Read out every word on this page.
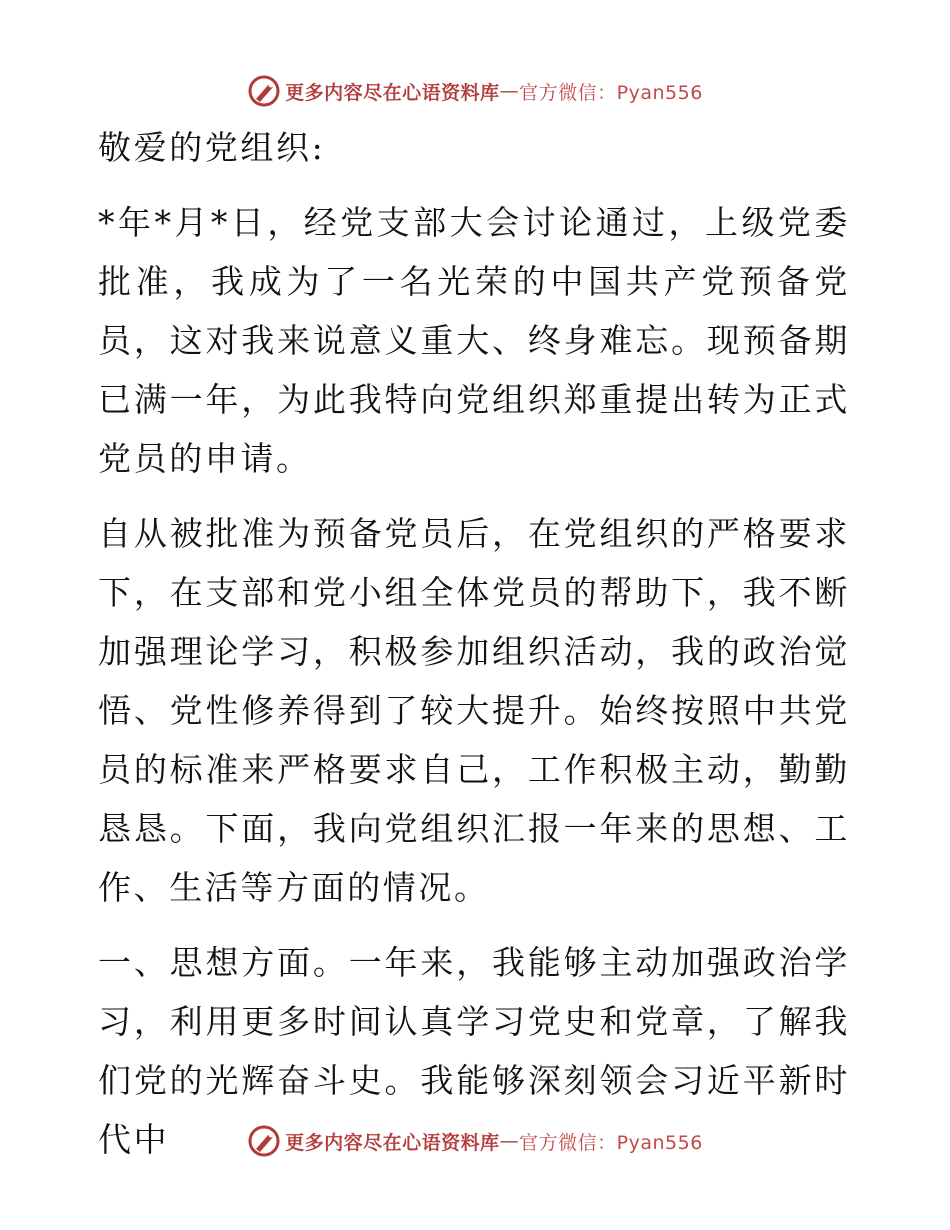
更多内容尽在心语资料库 — 官方微信：Pyan556

敬爱的党组织:

*年*月*日，经党支部大会讨论通过，上级党委批准，我成为了一名光荣的中国共产党预备党员，这对我来说意义重大、终身难忘。现预备期已满一年，为此我特向党组织郑重提出转为正式党员的申请。

自从被批准为预备党员后，在党组织的严格要求下，在支部和党小组全体党员的帮助下，我不断加强理论学习，积极参加组织活动，我的政治觉悟、党性修养得到了较大提升。始终按照中共党员的标准来严格要求自己，工作积极主动，勤勤恳恳。下面，我向党组织汇报一年来的思想、工作、生活等方面的情况。

一、思想方面。一年来，我能够主动加强政治学习，利用更多时间认真学习党史和党章，了解我们党的光辉奋斗史。我能够深刻领会习近平新时代中	更多内容尽在心语资料库 — 官方微信：Pyan556
